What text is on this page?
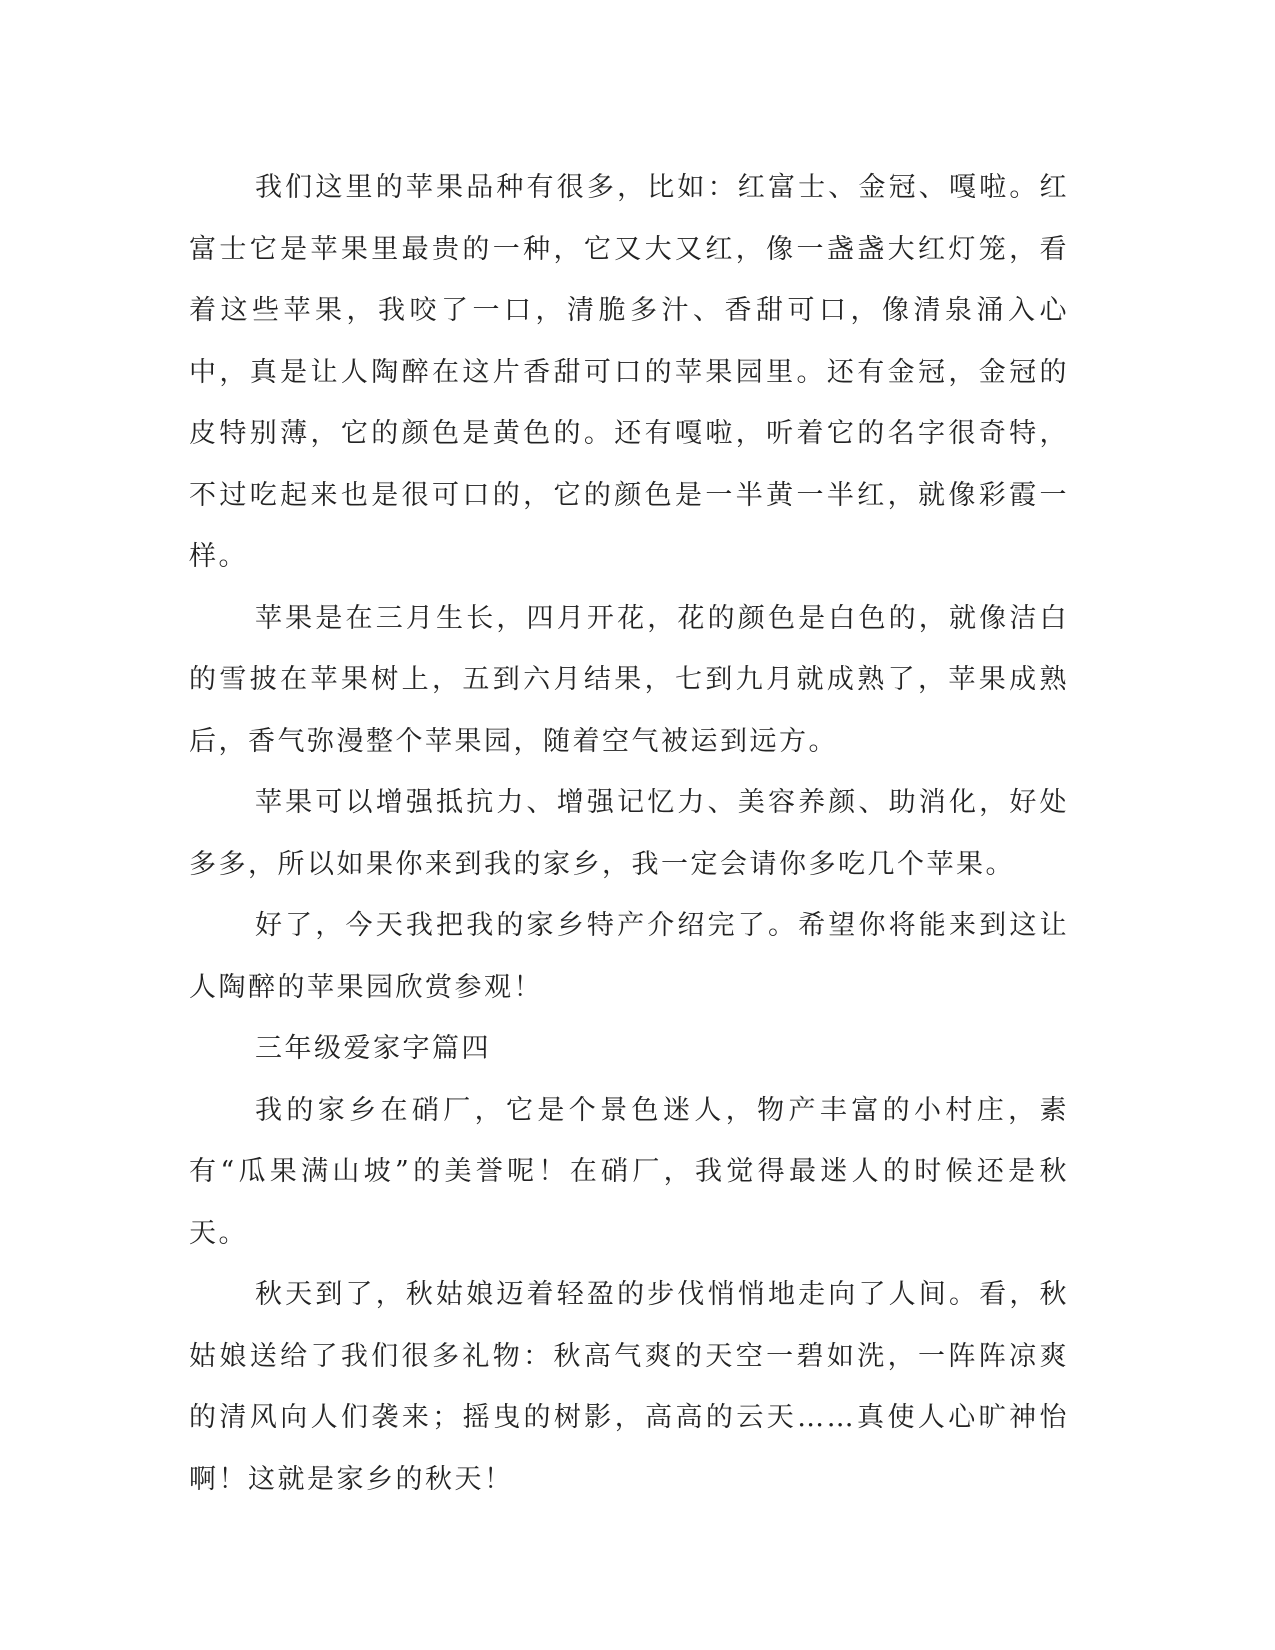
我们这里的苹果品种有很多，比如：红富士、金冠、嘎啦。红富士它是苹果里最贵的一种，它又大又红，像一盏盏大红灯笼，看着这些苹果，我咬了一口，清脆多汁、香甜可口，像清泉涌入心中，真是让人陶醉在这片香甜可口的苹果园里。还有金冠，金冠的皮特别薄，它的颜色是黄色的。还有嘎啦，听着它的名字很奇特，不过吃起来也是很可口的，它的颜色是一半黄一半红，就像彩霞一样。

苹果是在三月生长，四月开花，花的颜色是白色的，就像洁白的雪披在苹果树上，五到六月结果，七到九月就成熟了，苹果成熟后，香气弥漫整个苹果园，随着空气被运到远方。

苹果可以增强抵抗力、增强记忆力、美容养颜、助消化，好处多多，所以如果你来到我的家乡，我一定会请你多吃几个苹果。

好了，今天我把我的家乡特产介绍完了。希望你将能来到这让人陶醉的苹果园欣赏参观！

三年级爱家字篇四

我的家乡在硝厂，它是个景色迷人，物产丰富的小村庄，素有“瓜果满山坡”的美誉呢！在硝厂，我觉得最迷人的时候还是秋天。

秋天到了，秋姑娘迈着轻盈的步伐悄悄地走向了人间。看，秋姑娘送给了我们很多礼物：秋高气爽的天空一碧如洗，一阵阵凉爽的清风向人们袭来；摇曳的树影，高高的云天……真使人心旷神怡啊！这就是家乡的秋天！
